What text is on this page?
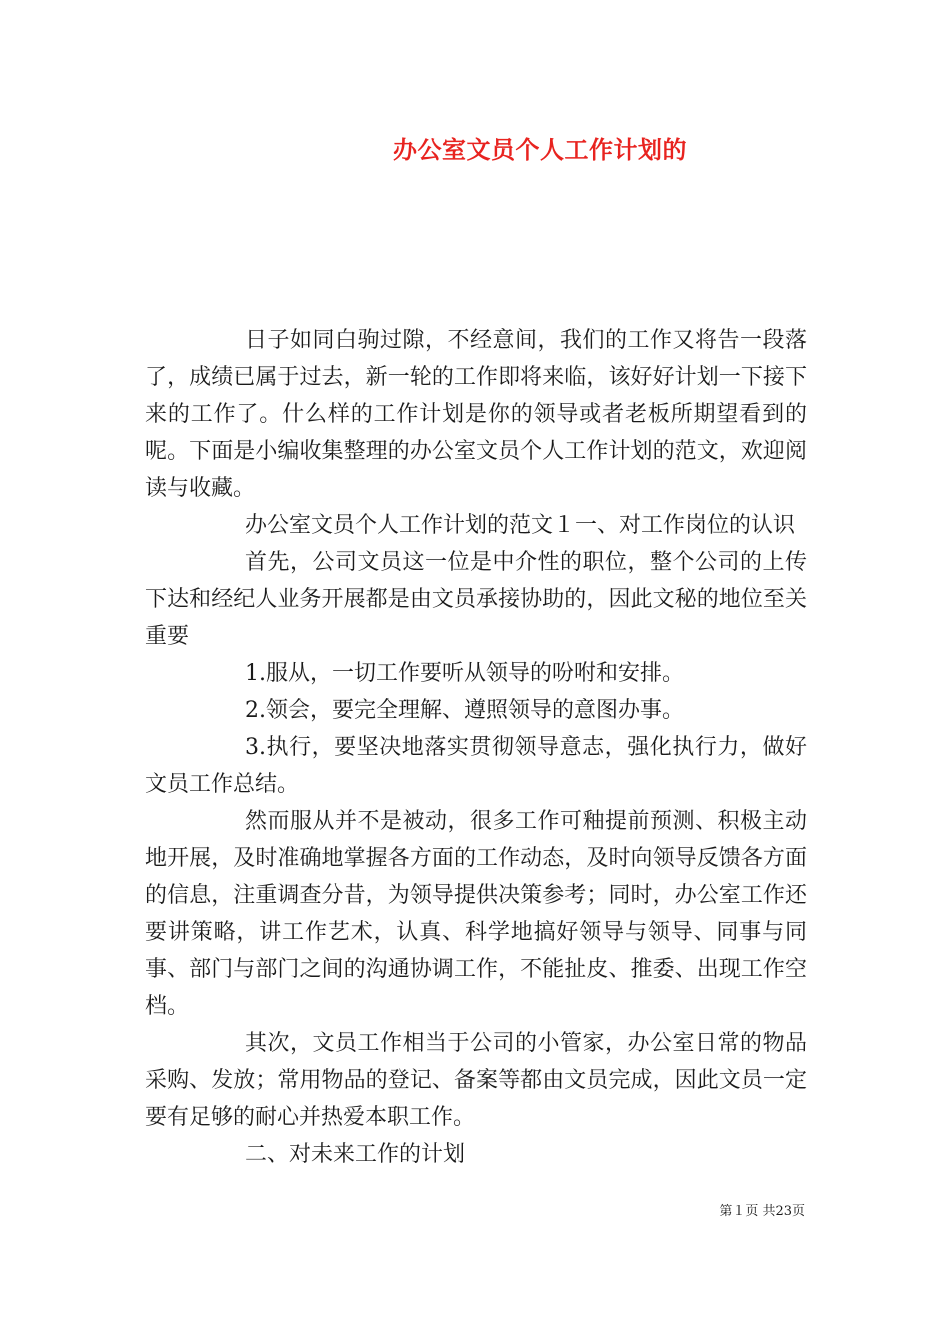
办公室文员个人工作计划的

日子如同白驹过隙，不经意间，我们的工作又将告一段落了，成绩已属于过去，新一轮的工作即将来临，该好好计划一下接下来的工作了。什么样的工作计划是你的领导或者老板所期望看到的呢。下面是小编收集整理的办公室文员个人工作计划的范文，欢迎阅读与收藏。

办公室文员个人工作计划的范文１一、对工作岗位的认识

首先，公司文员这一位是中介性的职位，整个公司的上传下达和经纪人业务开展都是由文员承接协助的，因此文秘的地位至关重要

1.服从，一切工作要听从领导的吩咐和安排。

2.领会，要完全理解、遵照领导的意图办事。

3.执行，要坚决地落实贯彻领导意志，强化执行力，做好文员工作总结。

然而服从并不是被动，很多工作可釉提前预测、积极主动地开展，及时准确地掌握各方面的工作动态，及时向领导反馈各方面的信息，注重调查分昔，为领导提供决策参考；同时，办公室工作还要讲策略，讲工作艺术，认真、科学地搞好领导与领导、同事与同事、部门与部门之间的沟通协调工作，不能扯皮、推委、出现工作空档。

其次，文员工作相当于公司的小管家，办公室日常的物品采购、发放；常用物品的登记、备案等都由文员完成，因此文员一定要有足够的耐心并热爱本职工作。

二、对未来工作的计划

第１页 共23页
